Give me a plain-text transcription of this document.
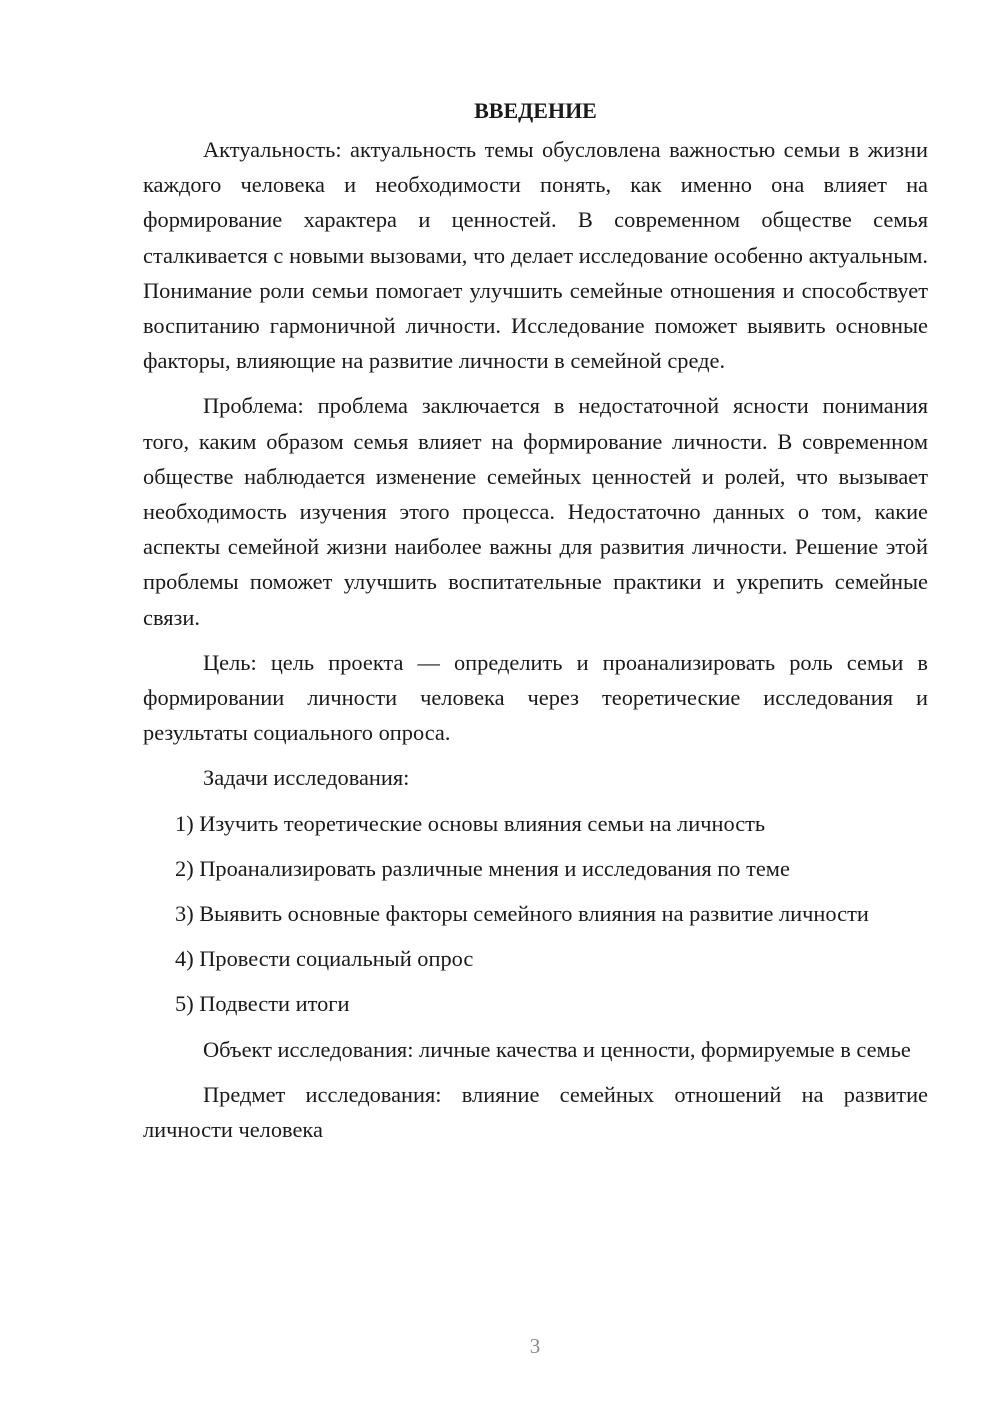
ВВЕДЕНИЕ

Актуальность: актуальность темы обусловлена важностью семьи в жизни каждого человека и необходимости понять, как именно она влияет на формирование характера и ценностей. В современном обществе семья сталкивается с новыми вызовами, что делает исследование особенно актуальным. Понимание роли семьи помогает улучшить семейные отношения и способствует воспитанию гармоничной личности. Исследование поможет выявить основные факторы, влияющие на развитие личности в семейной среде.

Проблема: проблема заключается в недостаточной ясности понимания того, каким образом семья влияет на формирование личности. В современном обществе наблюдается изменение семейных ценностей и ролей, что вызывает необходимость изучения этого процесса. Недостаточно данных о том, какие аспекты семейной жизни наиболее важны для развития личности. Решение этой проблемы поможет улучшить воспитательные практики и укрепить семейные связи.

Цель: цель проекта — определить и проанализировать роль семьи в формировании личности человека через теоретические исследования и результаты социального опроса.

Задачи исследования:

1) Изучить теоретические основы влияния семьи на личность

2) Проанализировать различные мнения и исследования по теме

3) Выявить основные факторы семейного влияния на развитие личности

4) Провести социальный опрос

5) Подвести итоги

Объект исследования: личные качества и ценности, формируемые в семье

Предмет исследования: влияние семейных отношений на развитие личности человека

3
